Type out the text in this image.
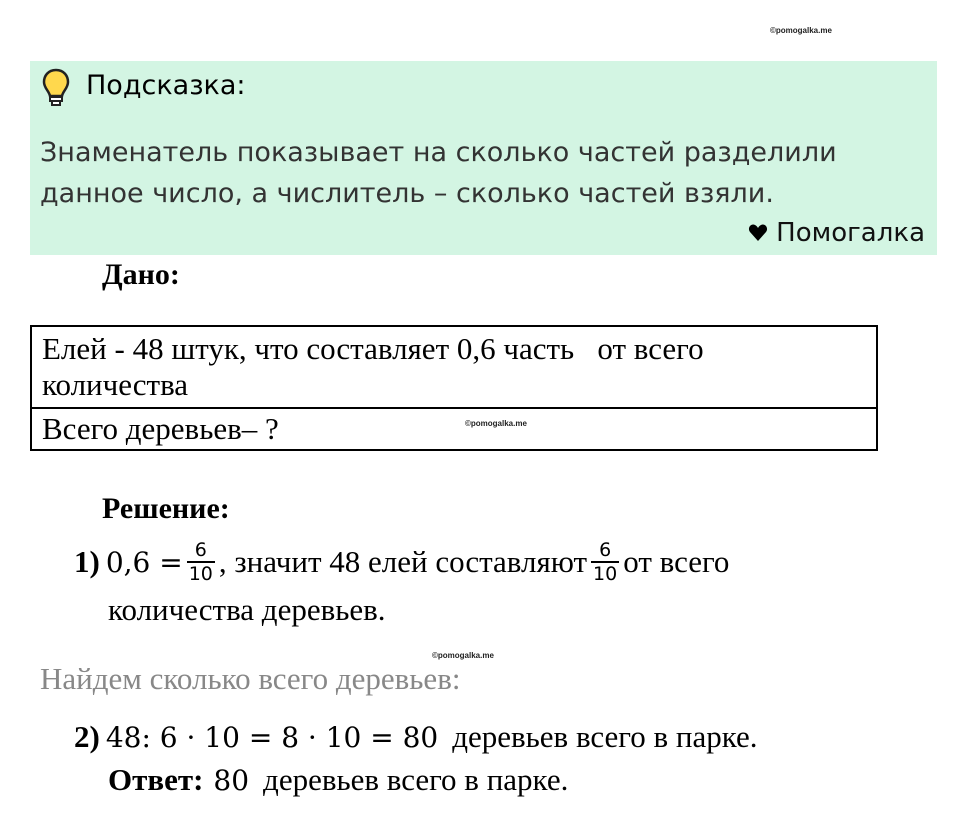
©pomogalka.me
Подсказка:
Знаменатель показывает на сколько частей разделили
данное число, а числитель – сколько частей взяли.
Помогалка
Дано:
Елей - 48 штук, что составляет 0,6 часть   от всего
количества
Всего деревьев– ?	©pomogalka.me
Решение:
1) $0,6 = \frac{6}{10}$ , значит 48 елей составляют $\frac{6}{10}$ от всего
количества деревьев.
©pomogalka.me
Найдем сколько всего деревьев:
2) 48: 6 · 10 = 8 · 10 = 80 деревьев всего в парке.
Ответ: 80 деревьев всего в парке.
